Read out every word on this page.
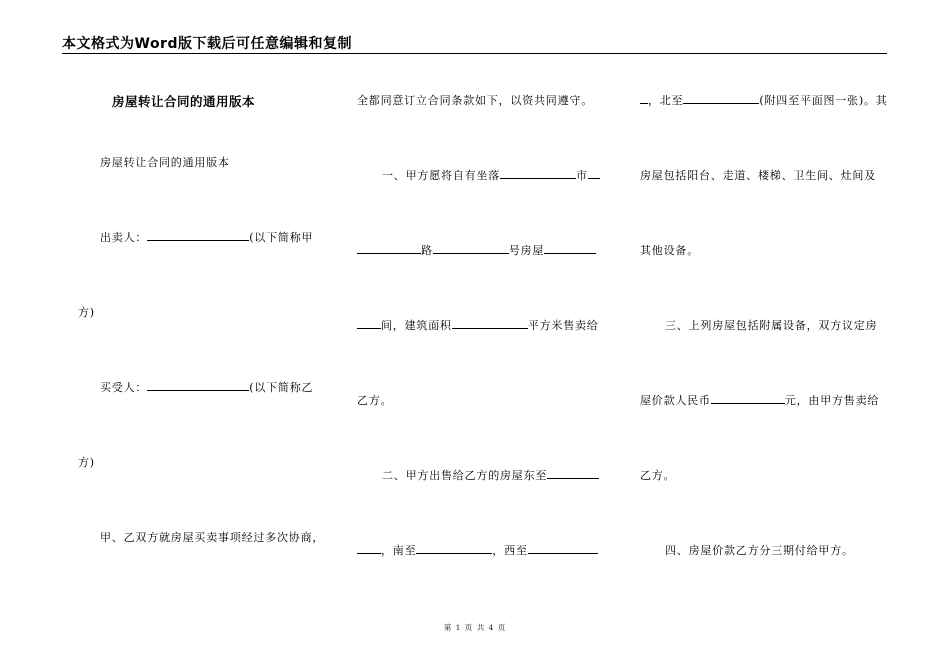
本文格式为Word版下载后可任意编辑和复制
房屋转让合同的通用版本
房屋转让合同的通用版本
出卖人：	(以下简称甲
方)
买受人：	(以下简称乙
方)
甲、乙双方就房屋买卖事项经过多次协商，
全都同意订立合同条款如下，以资共同遵守。
一、甲方愿将自有坐落	市
路	号房屋
间，建筑面积	平方米售卖给
乙方。
二、甲方出售给乙方的房屋东至
，南至	，西至
，北至	(附四至平面图一张)。其
房屋包括阳台、走道、楼梯、卫生间、灶间及
其他设备。
三、上列房屋包括附属设备，双方议定房
屋价款人民币	元，由甲方售卖给
乙方。
四、房屋价款乙方分三期付给甲方。
第 1 页 共 4 页
